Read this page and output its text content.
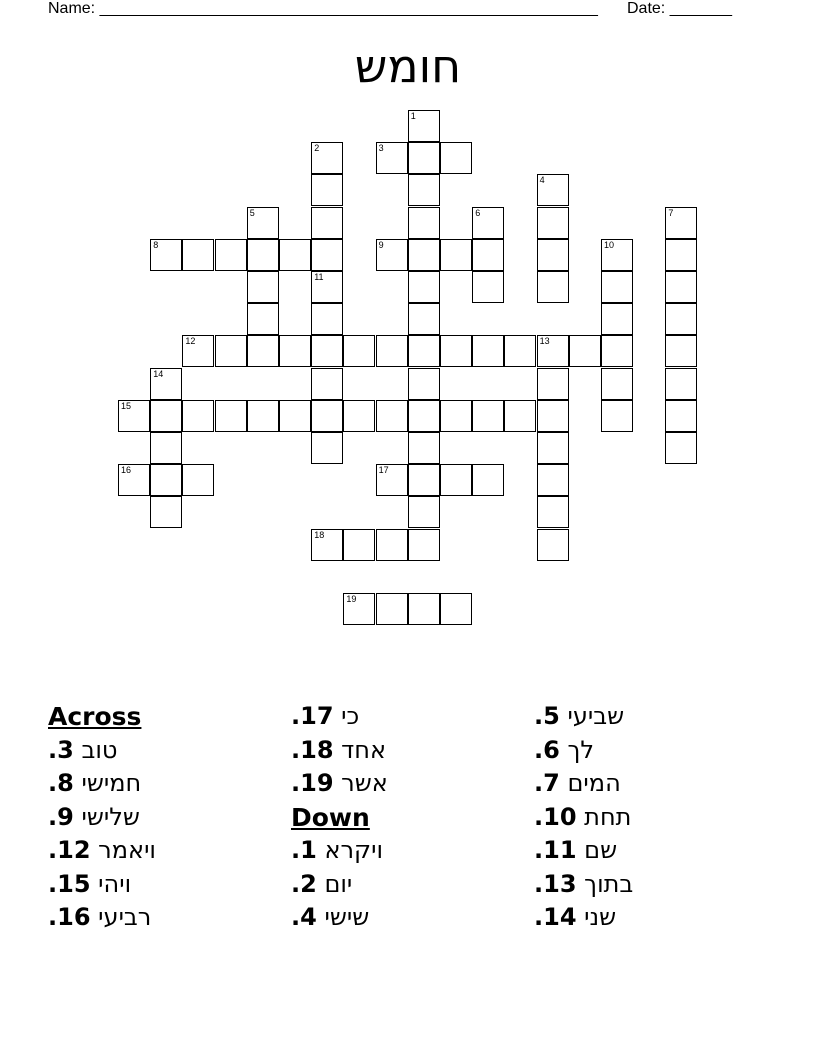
Name: ________________________________________________________ Date: _______
חומש
1
2	3
4
5	6	7
8	9	10
11
12	13
14
15
16	17
18
19
Across
טוב 3.
חמישי 8.
שלישי 9.
ויאמר 12.
ויהי 15.
רביעי 16.
כי 17.
אחד 18.
אשר 19.
Down
ויקרא 1.
יום 2.
שישי 4.
שביעי 5.
לך 6.
המים 7.
תחת 10.
שם 11.
בתוך 13.
שני 14.
